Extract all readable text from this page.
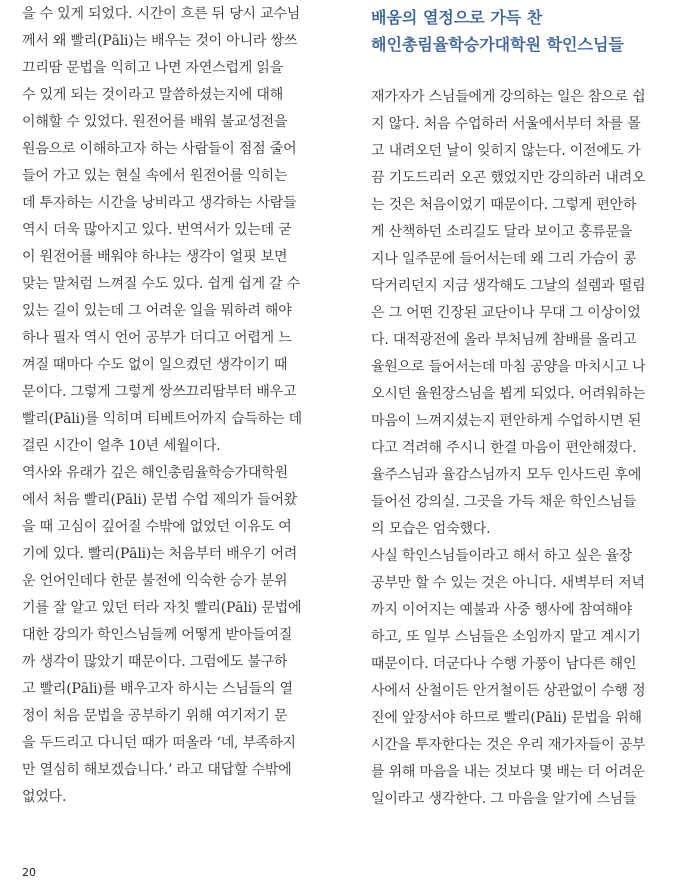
을 수 있게 되었다. 시간이 흐른 뒤 당시 교수님
께서 왜 빨리(Pāli)는 배우는 것이 아니라 쌍쓰
끄리땀 문법을 익히고 나면 자연스럽게 읽을
수 있게 되는 것이라고 말씀하셨는지에 대해
이해할 수 있었다. 원전어를 배워 불교성전을
원음으로 이해하고자 하는 사람들이 점점 줄어
들어 가고 있는 현실 속에서 원전어를 익히는
데 투자하는 시간을 낭비라고 생각하는 사람들
역시 더욱 많아지고 있다. 번역서가 있는데 굳
이 원전어를 배워야 하냐는 생각이 얼핏 보면
맞는 말처럼 느껴질 수도 있다. 쉽게 쉽게 갈 수
있는 길이 있는데 그 어려운 일을 뭐하려 해야
하나 필자 역시 언어 공부가 더디고 어렵게 느
껴질 때마다 수도 없이 일으켰던 생각이기 때
문이다. 그렇게 그렇게 쌍쓰끄리땀부터 배우고
빨리(Pāli)를 익히며 티베트어까지 습득하는 데
걸린 시간이 얼추 10년 세월이다.
역사와 유래가 깊은 해인총림율학승가대학원
에서 처음 빨리(Pāli) 문법 수업 제의가 들어왔
을 때 고심이 깊어질 수밖에 없었던 이유도 여
기에 있다. 빨리(Pāli)는 처음부터 배우기 어려
운 언어인데다 한문 불전에 익숙한 승가 분위
기를 잘 알고 있던 터라 자칫 빨리(Pāli) 문법에
대한 강의가 학인스님들께 어떻게 받아들여질
까 생각이 많았기 때문이다. 그럼에도 불구하
고 빨리(Pāli)를 배우고자 하시는 스님들의 열
정이 처음 문법을 공부하기 위해 여기저기 문
을 두드리고 다니던 때가 떠올라 ‘네, 부족하지
만 열심히 해보겠습니다.’ 라고 대답할 수밖에
없었다.
배움의 열정으로 가득 찬
해인총림율학승가대학원 학인스님들
재가자가 스님들에게 강의하는 일은 참으로 쉽
지 않다. 처음 수업하러 서울에서부터 차를 몰
고 내려오던 날이 잊히지 않는다. 이전에도 가
끔 기도드리러 오곤 했었지만 강의하러 내려오
는 것은 처음이었기 때문이다. 그렇게 편안하
게 산책하던 소리길도 달라 보이고 홍류문을
지나 일주문에 들어서는데 왜 그리 가슴이 콩
닥거리던지 지금 생각해도 그날의 설렘과 떨림
은 그 어떤 긴장된 교단이나 무대 그 이상이었
다. 대적광전에 올라 부처님께 참배를 올리고
율원으로 들어서는데 마침 공양을 마치시고 나
오시던 율원장스님을 뵙게 되었다. 어려워하는
마음이 느껴지셨는지 편안하게 수업하시면 된
다고 격려해 주시니 한결 마음이 편안해졌다.
율주스님과 율감스님까지 모두 인사드린 후에
들어선 강의실. 그곳을 가득 채운 학인스님들
의 모습은 엄숙했다.
사실 학인스님들이라고 해서 하고 싶은 율장
공부만 할 수 있는 것은 아니다. 새벽부터 저녁
까지 이어지는 예불과 사중 행사에 참여해야
하고, 또 일부 스님들은 소임까지 맡고 계시기
때문이다. 더군다나 수행 가풍이 남다른 해인
사에서 산철이든 안거철이든 상관없이 수행 정
진에 앞장서야 하므로 빨리(Pāli) 문법을 위해
시간을 투자한다는 것은 우리 재가자들이 공부
를 위해 마음을 내는 것보다 몇 배는 더 어려운
일이라고 생각한다. 그 마음을 알기에 스님들
20
